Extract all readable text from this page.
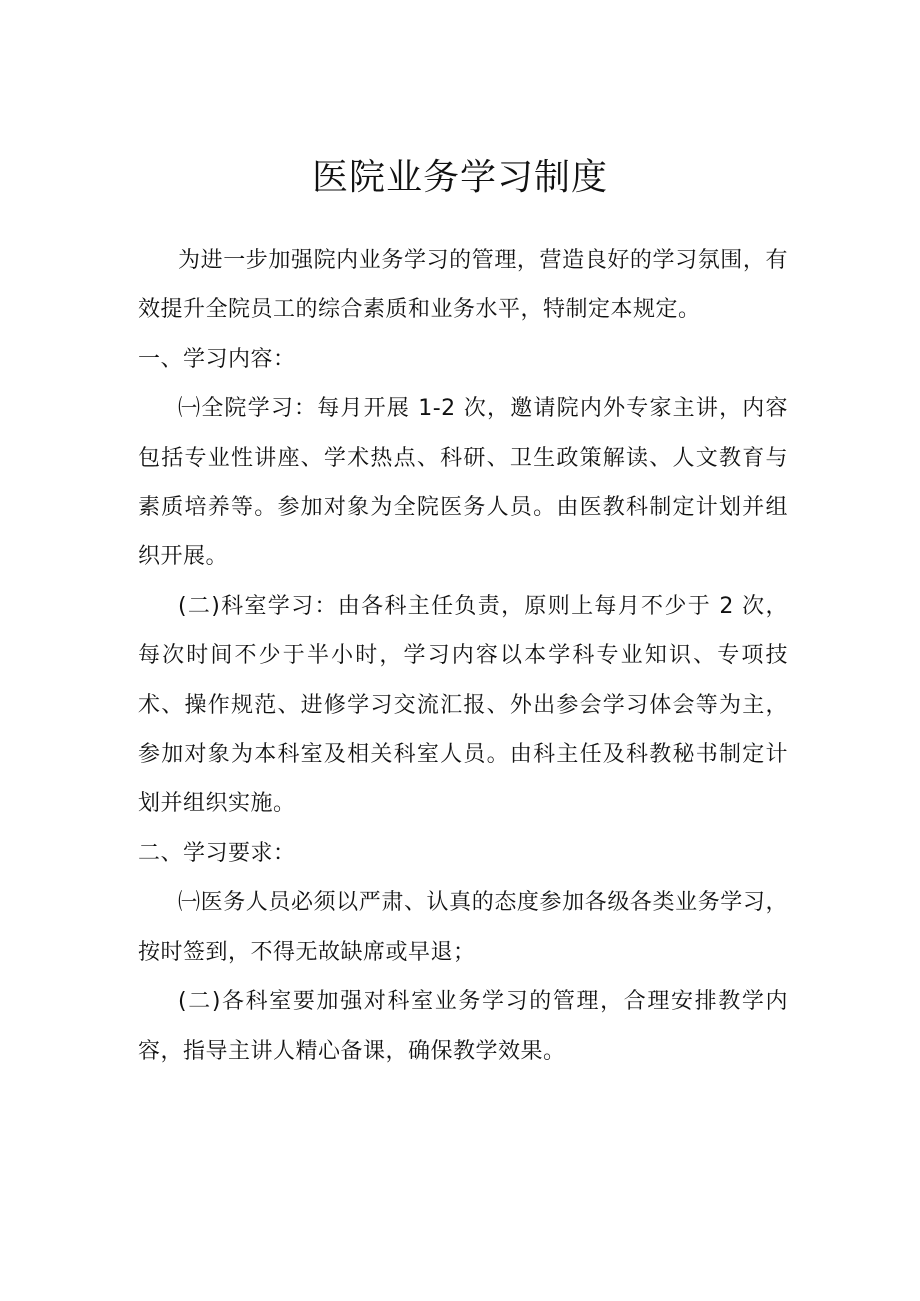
医院业务学习制度

为进一步加强院内业务学习的管理，营造良好的学习氛围，有效提升全院员工的综合素质和业务水平，特制定本规定。

一、学习内容：

㈠全院学习：每月开展 1-2 次，邀请院内外专家主讲，内容包括专业性讲座、学术热点、科研、卫生政策解读、人文教育与素质培养等。参加对象为全院医务人员。由医教科制定计划并组织开展。

(二)科室学习：由各科主任负责，原则上每月不少于 2 次，每次时间不少于半小时，学习内容以本学科专业知识、专项技术、操作规范、进修学习交流汇报、外出参会学习体会等为主，参加对象为本科室及相关科室人员。由科主任及科教秘书制定计划并组织实施。

二、学习要求：

㈠医务人员必须以严肃、认真的态度参加各级各类业务学习，按时签到，不得无故缺席或早退；

(二)各科室要加强对科室业务学习的管理，合理安排教学内容，指导主讲人精心备课，确保教学效果。
